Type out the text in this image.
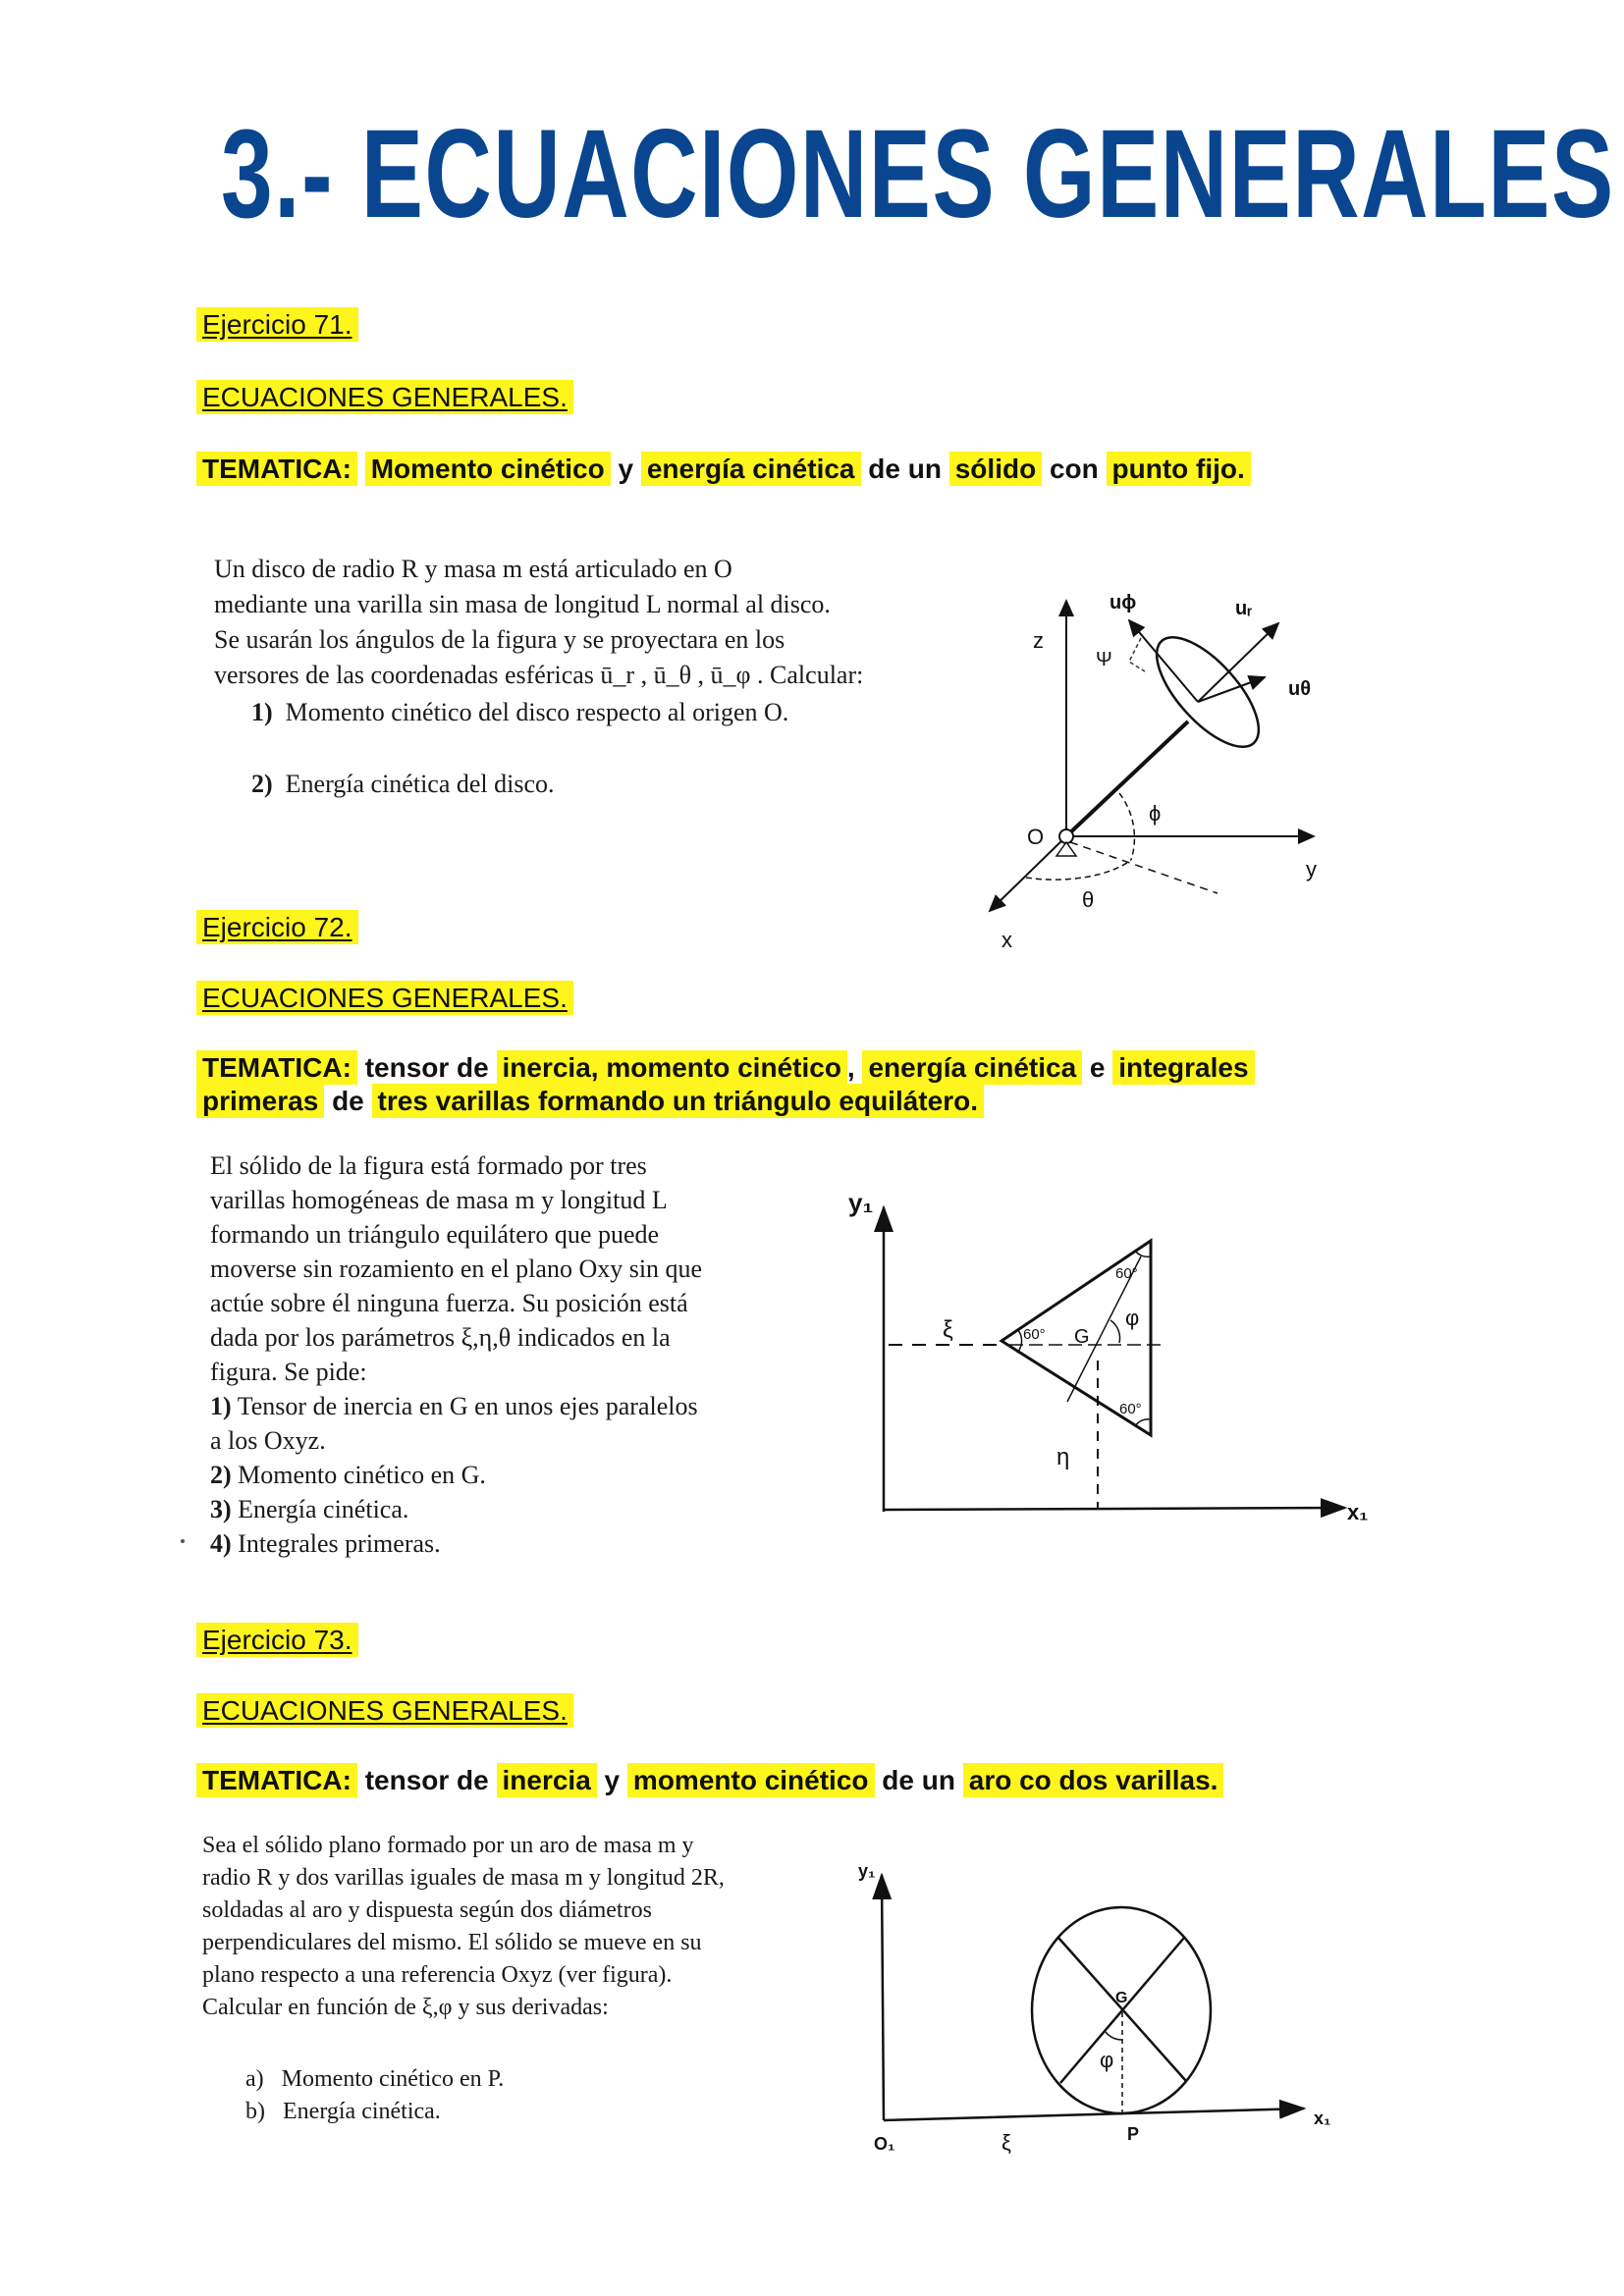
3.- ECUACIONES GENERALES
Ejercicio 71.
ECUACIONES GENERALES.
TEMATICA: Momento cinético y energía cinética de un sólido con punto fijo.

Un disco de radio R y masa m está articulado en O

mediante una varilla sin masa de longitud L normal al disco.

Se usarán los ángulos de la figura y se proyectara en los

versores de las coordenadas esféricas ū_r , ū_θ , ū_φ . Calcular:

1) Momento cinético del disco respecto al origen O.

2) Energía cinética del disco.

z
y
x
O
uϕ	uᵣ
uθ
Ψ
ϕ
θ
Ejercicio 72.
ECUACIONES GENERALES.
TEMATICA: tensor de inercia, momento cinético , energía cinética e integrales
primeras de tres varillas formando un triángulo equilátero.

El sólido de la figura está formado por tres

varillas homogéneas de masa m y longitud L

formando un triángulo equilátero que puede

moverse sin rozamiento en el plano Oxy sin que

actúe sobre él ninguna fuerza. Su posición está

dada por los parámetros ξ,η,θ indicados en la

figura. Se pide:

1) Tensor de inercia en G en unos ejes paralelos

a los Oxyz.

2) Momento cinético en G.

3) Energía cinética.

4) Integrales primeras.

y₁
x₁
ξ
η
G
φ
60°
60°
60°
Ejercicio 73.
ECUACIONES GENERALES.
TEMATICA: tensor de inercia y momento cinético de un aro co dos varillas.

Sea el sólido plano formado por un aro de masa m y

radio R y dos varillas iguales de masa m y longitud 2R,

soldadas al aro y dispuesta según dos diámetros

perpendiculares del mismo. El sólido se mueve en su

plano respecto a una referencia Oxyz (ver figura).

Calcular en función de ξ,φ y sus derivadas:

a) Momento cinético en P.

b) Energía cinética.

y₁
x₁
O₁	ξ	P
G
φ
